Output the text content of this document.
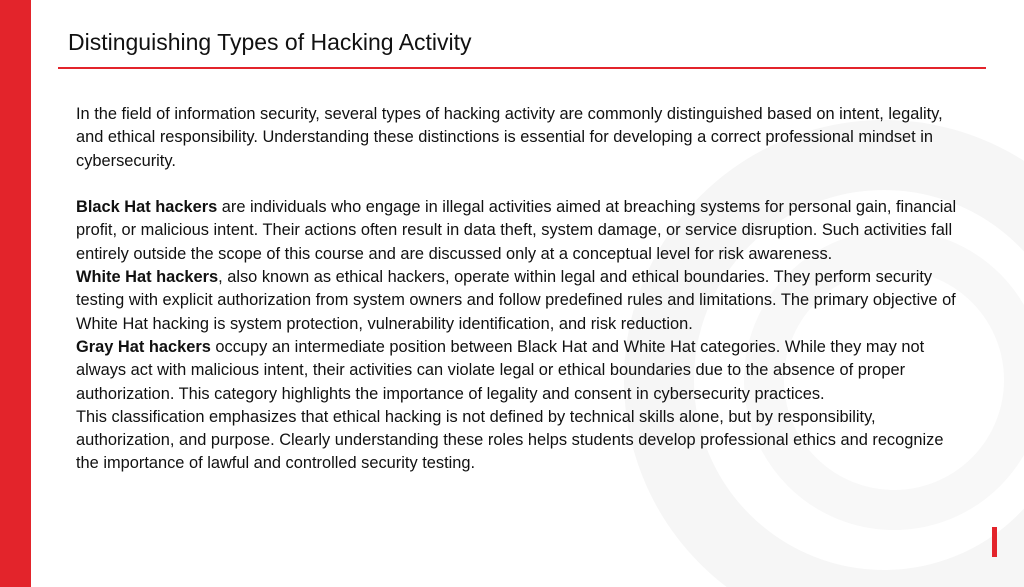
Distinguishing Types of Hacking Activity

In the field of information security, several types of hacking activity are commonly distinguished based on intent, legality, and ethical responsibility. Understanding these distinctions is essential for developing a correct professional mindset in cybersecurity.

Black Hat hackers are individuals who engage in illegal activities aimed at breaching systems for personal gain, financial profit, or malicious intent. Their actions often result in data theft, system damage, or service disruption. Such activities fall entirely outside the scope of this course and are discussed only at a conceptual level for risk awareness.

White Hat hackers, also known as ethical hackers, operate within legal and ethical boundaries. They perform security testing with explicit authorization from system owners and follow predefined rules and limitations. The primary objective of White Hat hacking is system protection, vulnerability identification, and risk reduction.

Gray Hat hackers occupy an intermediate position between Black Hat and White Hat categories. While they may not always act with malicious intent, their activities can violate legal or ethical boundaries due to the absence of proper authorization. This category highlights the importance of legality and consent in cybersecurity practices.

This classification emphasizes that ethical hacking is not defined by technical skills alone, but by responsibility, authorization, and purpose. Clearly understanding these roles helps students develop professional ethics and recognize the importance of lawful and controlled security testing.
